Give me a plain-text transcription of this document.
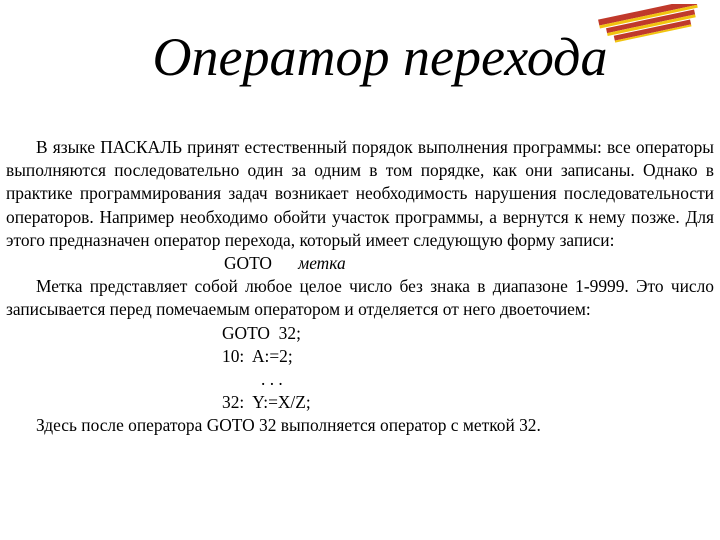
Оператор перехода

В языке ПАСКАЛЬ принят естественный порядок выполнения программы: все операторы выполняются последовательно один за одним в том порядке, как они записаны. Однако в практике программирования задач возникает необходимость нарушения последовательности операторов. Например необходимо обойти участок программы, а вернутся к нему позже. Для этого предназначен оператор перехода, который имеет следующую форму записи:

GOTO метка

Метка представляет собой любое целое число без знака в диапазоне 1-9999. Это число записывается перед помечаемым оператором и отделяется от него двоеточием:

GOTO  32;

10:  A:=2;

. . .

32:  Y:=X/Z;

Здесь после оператора GOTO 32 выполняется оператор с меткой 32.
